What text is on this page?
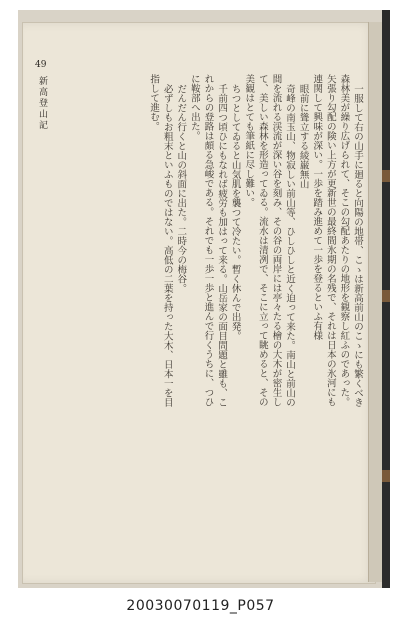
49
新高登山記	一服して右の山手に廻ると向陽の地帯、こゝは新高前山のこゝにも繁くべき森林美が繰り広げられて、そこの勾配あたりの地形を観察し紅ふのであった。矢張り勾配の険い上方が更新世の最終間氷期の名残で、それは日本の氷河にも連関して興味が深い。一歩を踏み進めて一歩を登るといふ有様

眼前に聳立する綾巌無山

奇峰の南玉山、物寂しい前山等、ひしひしと近く迫って来た。南山と前山の間を流れる渓流が深い谷を刻み、その谷の両岸には亭々たる檜の大木が密生して、美しい森林を形造ってゐる。流水は清冽で、そこに立って眺めると、その美観はとても筆紙に尽し難い。

ちつとしてゐると山気肌を襲つて冷たい。暫く休んで出発。

千前四つ頃ひにもなれば疲労も加はって来る。山岳家の面目問題と雖も、これからの登路は頗る急峻である。それでも一歩一歩と進んで行くうちに、つひに鞍部へ出た。

だんだん行くと山の斜面に出た。二時今の梅谷。

必ずしもお粗末といふものではない。高低の二葉を持った大木、日本一を目指して進む。

20030070119_P057
